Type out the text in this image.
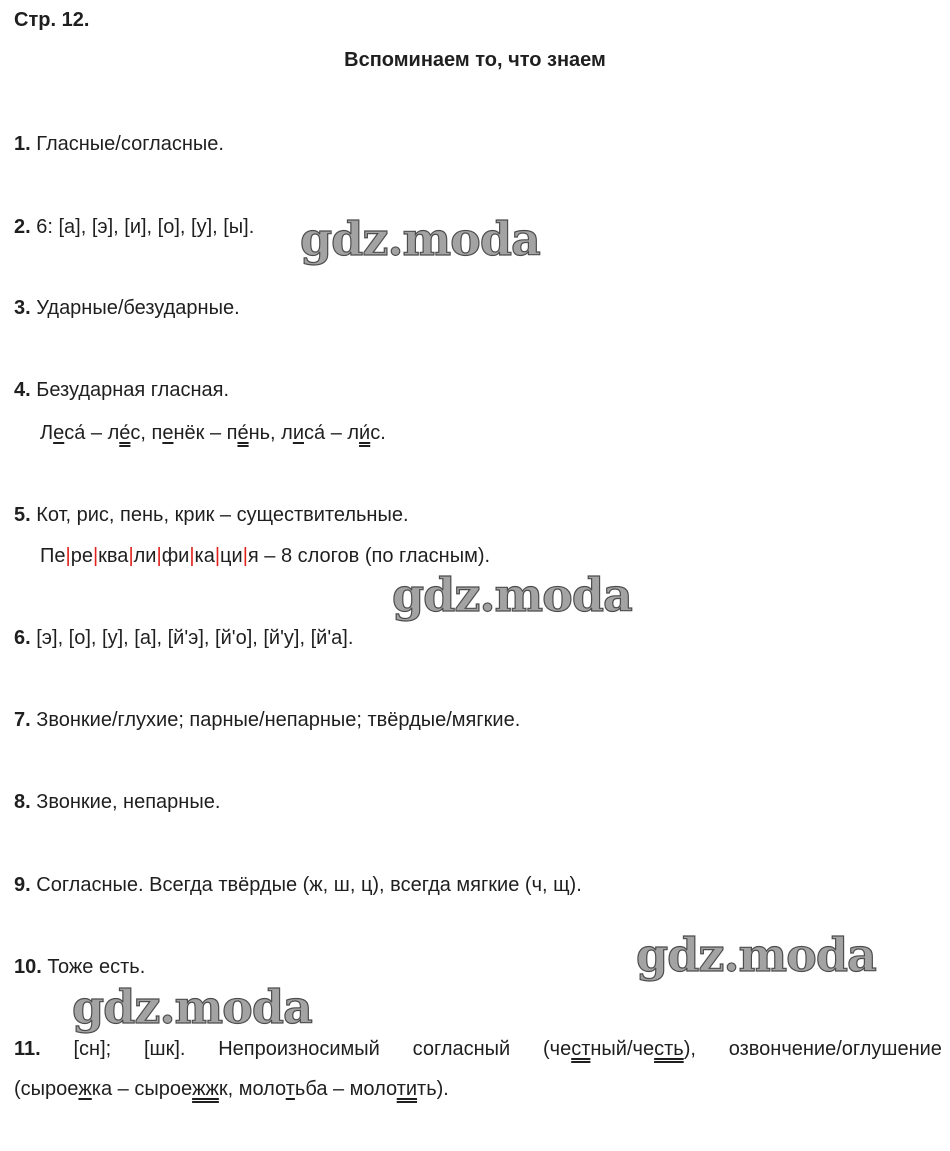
Стр. 12.
Вспоминаем то, что знаем
1. Гласные/согласные.
2. 6: [а], [э], [и], [о], [у], [ы].
3. Ударные/безударные.
4. Безударная гласная.
Леса́ – ле́с, пенёк – пе́нь, лиса́ – ли́с.
5. Кот, рис, пень, крик – существительные.
Пе|ре|ква|ли|фи|ка|ци|я – 8 слогов (по гласным).
6. [э], [о], [у], [а], [й'э], [й'о], [й'у], [й'а].
7. Звонкие/глухие; парные/непарные; твёрдые/мягкие.
8. Звонкие, непарные.
9. Согласные. Всегда твёрдые (ж, ш, ц), всегда мягкие (ч, щ).
10. Тоже есть.
11. [сн]; [шк]. Непроизносимый согласный (честный/честь), озвончение/оглушение
(сыроeжка – сыроeжжк, молотьба – молотить).
gdz.moda
gdz.moda
gdz.moda
gdz.moda
